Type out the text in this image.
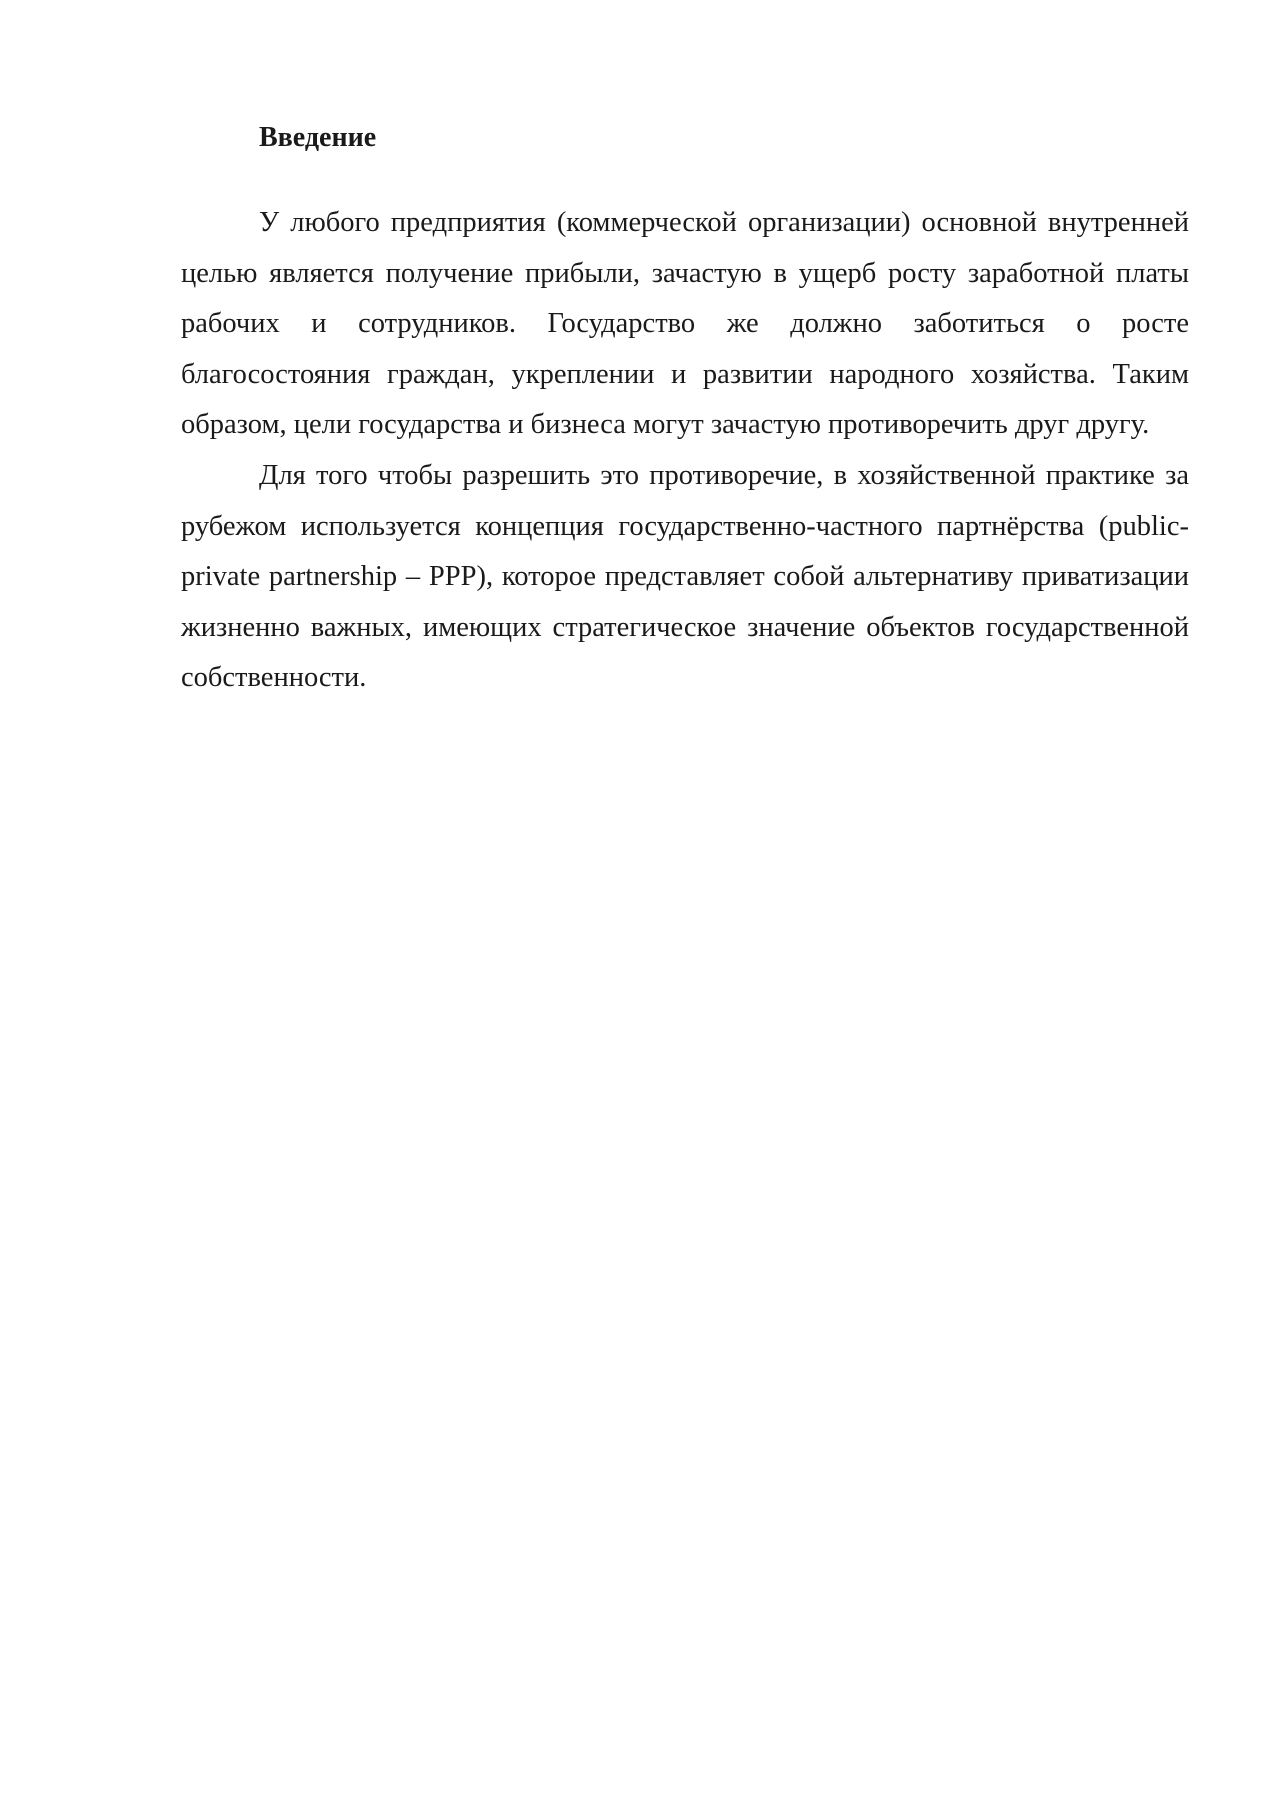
Введение

У любого предприятия (коммерческой организации) основной внутренней целью является получение прибыли, зачастую в ущерб росту заработной платы рабочих и сотрудников. Государство же должно заботиться о росте благосостояния граждан, укреплении и развитии народного хозяйства. Таким образом, цели государства и бизнеса могут зачастую противоречить друг другу.

Для того чтобы разрешить это противоречие, в хозяйственной практике за рубежом используется концепция государственно-частного партнёрства (public-private partnership – PPP), которое представляет собой альтернативу приватизации жизненно важных, имеющих стратегическое значение объектов государственной собственности.
